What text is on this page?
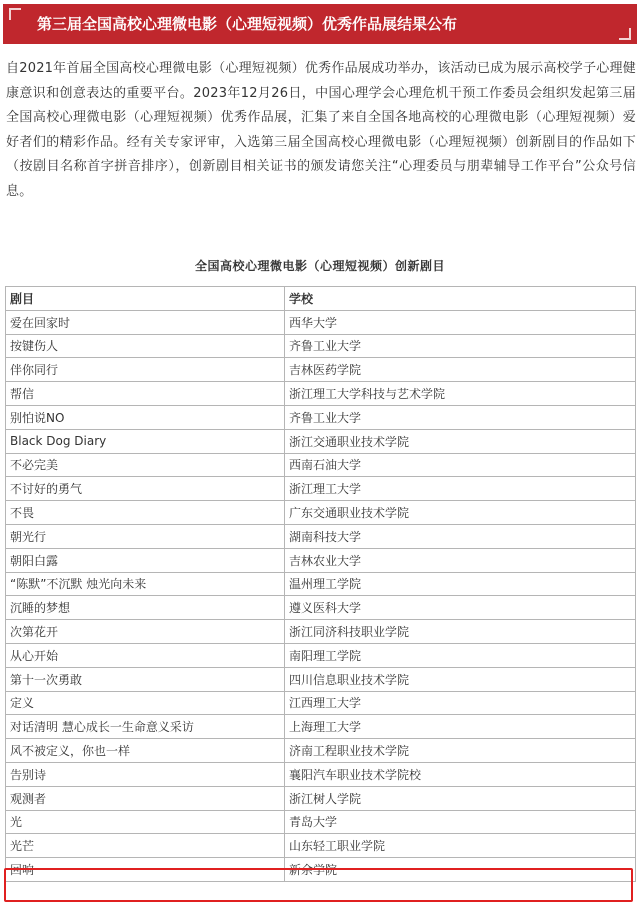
第三届全国高校心理微电影（心理短视频）优秀作品展结果公布

自2021年首届全国高校心理微电影（心理短视频）优秀作品展成功举办，该活动已成为展示高校学子心理健康意识和创意表达的重要平台。2023年12月26日，中国心理学会心理危机干预工作委员会组织发起第三届全国高校心理微电影（心理短视频）优秀作品展，汇集了来自全国各地高校的心理微电影（心理短视频）爱好者们的精彩作品。经有关专家评审，入选第三届全国高校心理微电影（心理短视频）创新剧目的作品如下（按剧目名称首字拼音排序），创新剧目相关证书的颁发请您关注“心理委员与朋辈辅导工作平台”公众号信息。

全国高校心理微电影（心理短视频）创新剧目
剧目	学校
爱在回家时	西华大学
按键伤人	齐鲁工业大学
伴你同行	吉林医药学院
帮信	浙江理工大学科技与艺术学院
别怕说NO	齐鲁工业大学
Black Dog Diary	浙江交通职业技术学院
不必完美	西南石油大学
不讨好的勇气	浙江理工大学
不畏	广东交通职业技术学院
朝光行	湖南科技大学
朝阳白露	吉林农业大学
“陈默”不沉默 烛光向未来	温州理工学院
沉睡的梦想	遵义医科大学
次第花开	浙江同济科技职业学院
从心开始	南阳理工学院
第十一次勇敢	四川信息职业技术学院
定义	江西理工大学
对话清明 慧心成长一生命意义采访	上海理工大学
风不被定义，你也一样	济南工程职业技术学院
告别诗	襄阳汽车职业技术学院校
观测者	浙江树人学院
光	青岛大学
光芒	山东轻工职业学院
回响	新余学院
